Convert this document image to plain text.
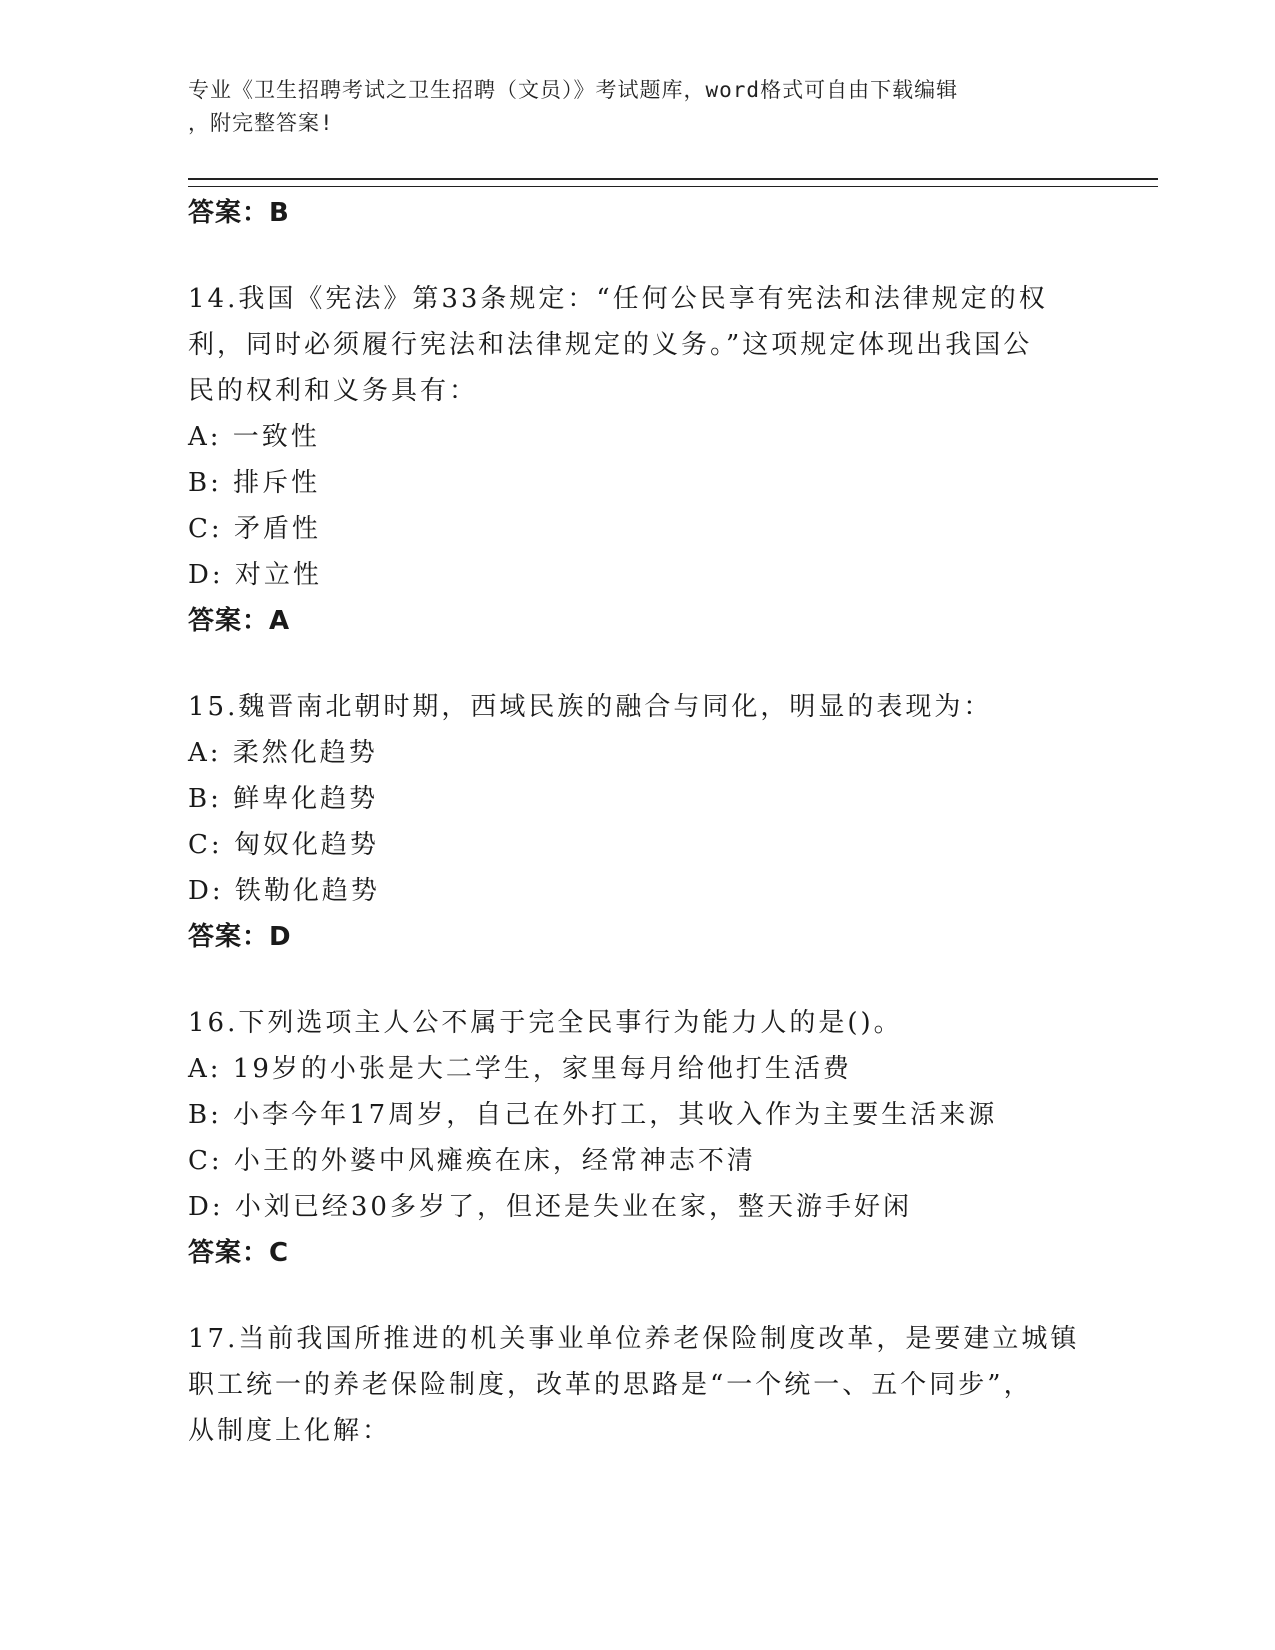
专业《卫生招聘考试之卫生招聘（文员）》考试题库，word格式可自由下载编辑
，附完整答案!
答案：B

14.我国《宪法》第33条规定：“任何公民享有宪法和法律规定的权

利，同时必须履行宪法和法律规定的义务。”这项规定体现出我国公

民的权利和义务具有：

A: 一致性
B: 排斥性
C: 矛盾性
D: 对立性
答案：A

15.魏晋南北朝时期，西域民族的融合与同化，明显的表现为：

A: 柔然化趋势
B: 鲜卑化趋势
C: 匈奴化趋势
D: 铁勒化趋势
答案：D

16.下列选项主人公不属于完全民事行为能力人的是()。

A: 19岁的小张是大二学生，家里每月给他打生活费
B: 小李今年17周岁，自己在外打工，其收入作为主要生活来源
C: 小王的外婆中风瘫痪在床，经常神志不清
D: 小刘已经30多岁了，但还是失业在家，整天游手好闲
答案：C

17.当前我国所推进的机关事业单位养老保险制度改革，是要建立城镇

职工统一的养老保险制度，改革的思路是“一个统一、五个同步”，

从制度上化解：
